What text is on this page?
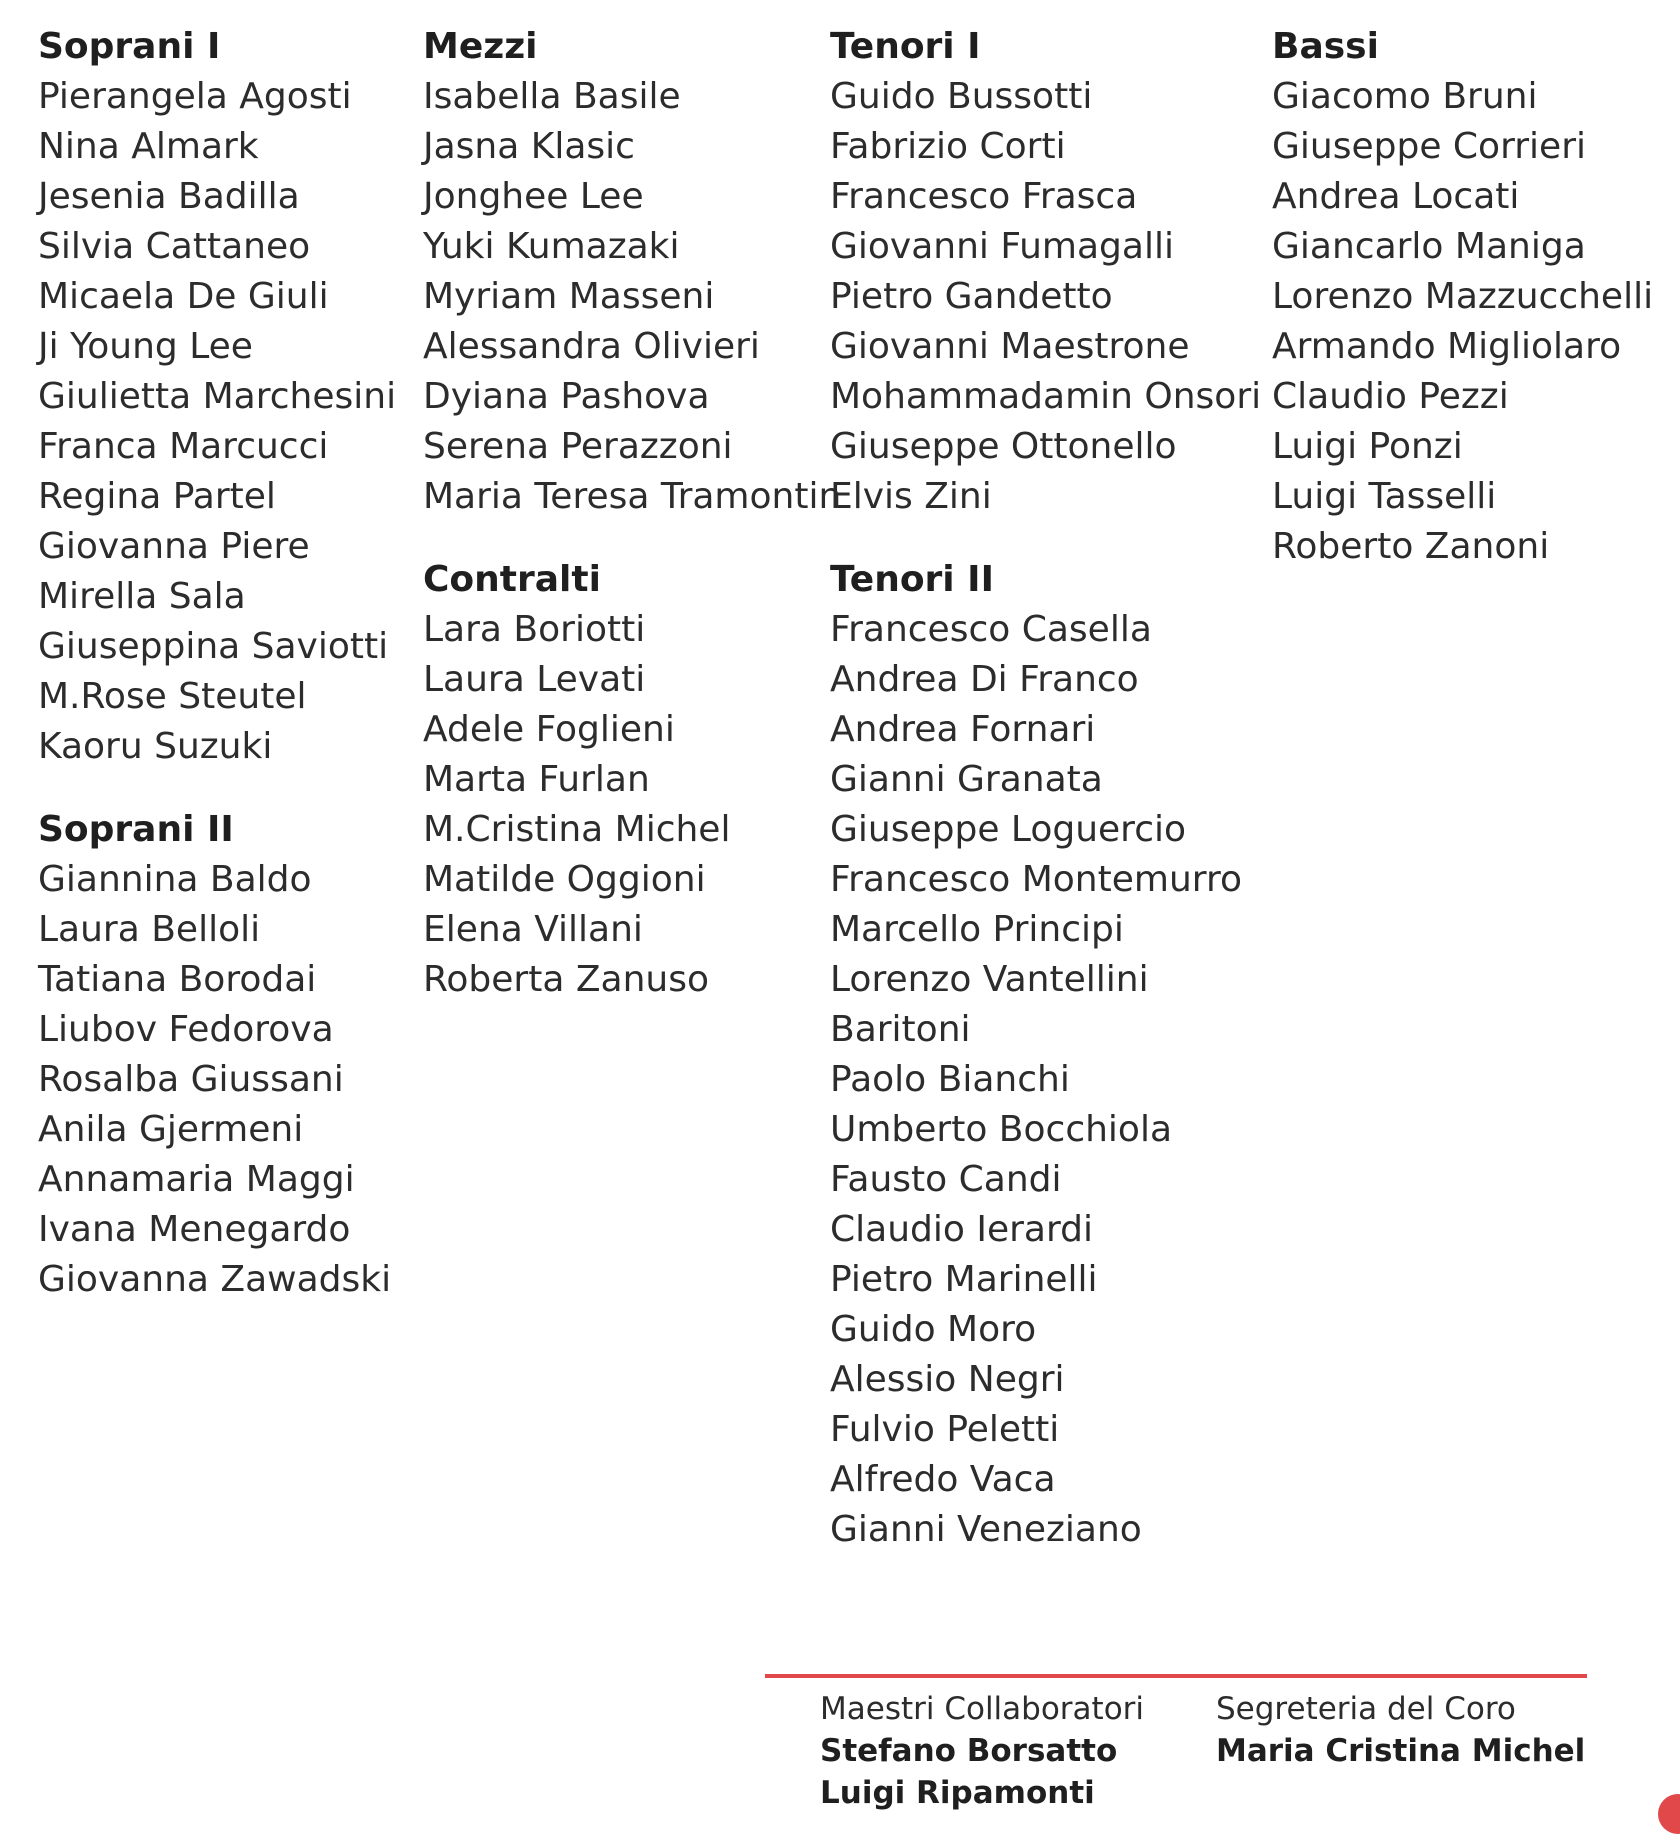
Soprani I
Pierangela Agosti
Nina Almark
Jesenia Badilla
Silvia Cattaneo
Micaela De Giuli
Ji Young Lee
Giulietta Marchesini
Franca Marcucci
Regina Partel
Giovanna Piere
Mirella Sala
Giuseppina Saviotti
M.Rose Steutel
Kaoru Suzuki
Soprani II
Giannina Baldo
Laura Belloli
Tatiana Borodai
Liubov Fedorova
Rosalba Giussani
Anila Gjermeni
Annamaria Maggi
Ivana Menegardo
Giovanna Zawadski
Mezzi
Isabella Basile
Jasna Klasic
Jonghee Lee
Yuki Kumazaki
Myriam Masseni
Alessandra Olivieri
Dyiana Pashova
Serena Perazzoni
Maria Teresa Tramontin
Contralti
Lara Boriotti
Laura Levati
Adele Foglieni
Marta Furlan
M.Cristina Michel
Matilde Oggioni
Elena Villani
Roberta Zanuso
Tenori I
Guido Bussotti
Fabrizio Corti
Francesco Frasca
Giovanni Fumagalli
Pietro Gandetto
Giovanni Maestrone
Mohammadamin Onsori
Giuseppe Ottonello
Elvis Zini
Tenori II
Francesco Casella
Andrea Di Franco
Andrea Fornari
Gianni Granata
Giuseppe Loguercio
Francesco Montemurro
Marcello Principi
Lorenzo Vantellini
Baritoni
Paolo Bianchi
Umberto Bocchiola
Fausto Candi
Claudio Ierardi
Pietro Marinelli
Guido Moro
Alessio Negri
Fulvio Peletti
Alfredo Vaca
Gianni Veneziano
Bassi
Giacomo Bruni
Giuseppe Corrieri
Andrea Locati
Giancarlo Maniga
Lorenzo Mazzucchelli
Armando Migliolaro
Claudio Pezzi
Luigi Ponzi
Luigi Tasselli
Roberto Zanoni
Maestri Collaboratori
Stefano Borsatto
Luigi Ripamonti
Segreteria del Coro
Maria Cristina Michel
